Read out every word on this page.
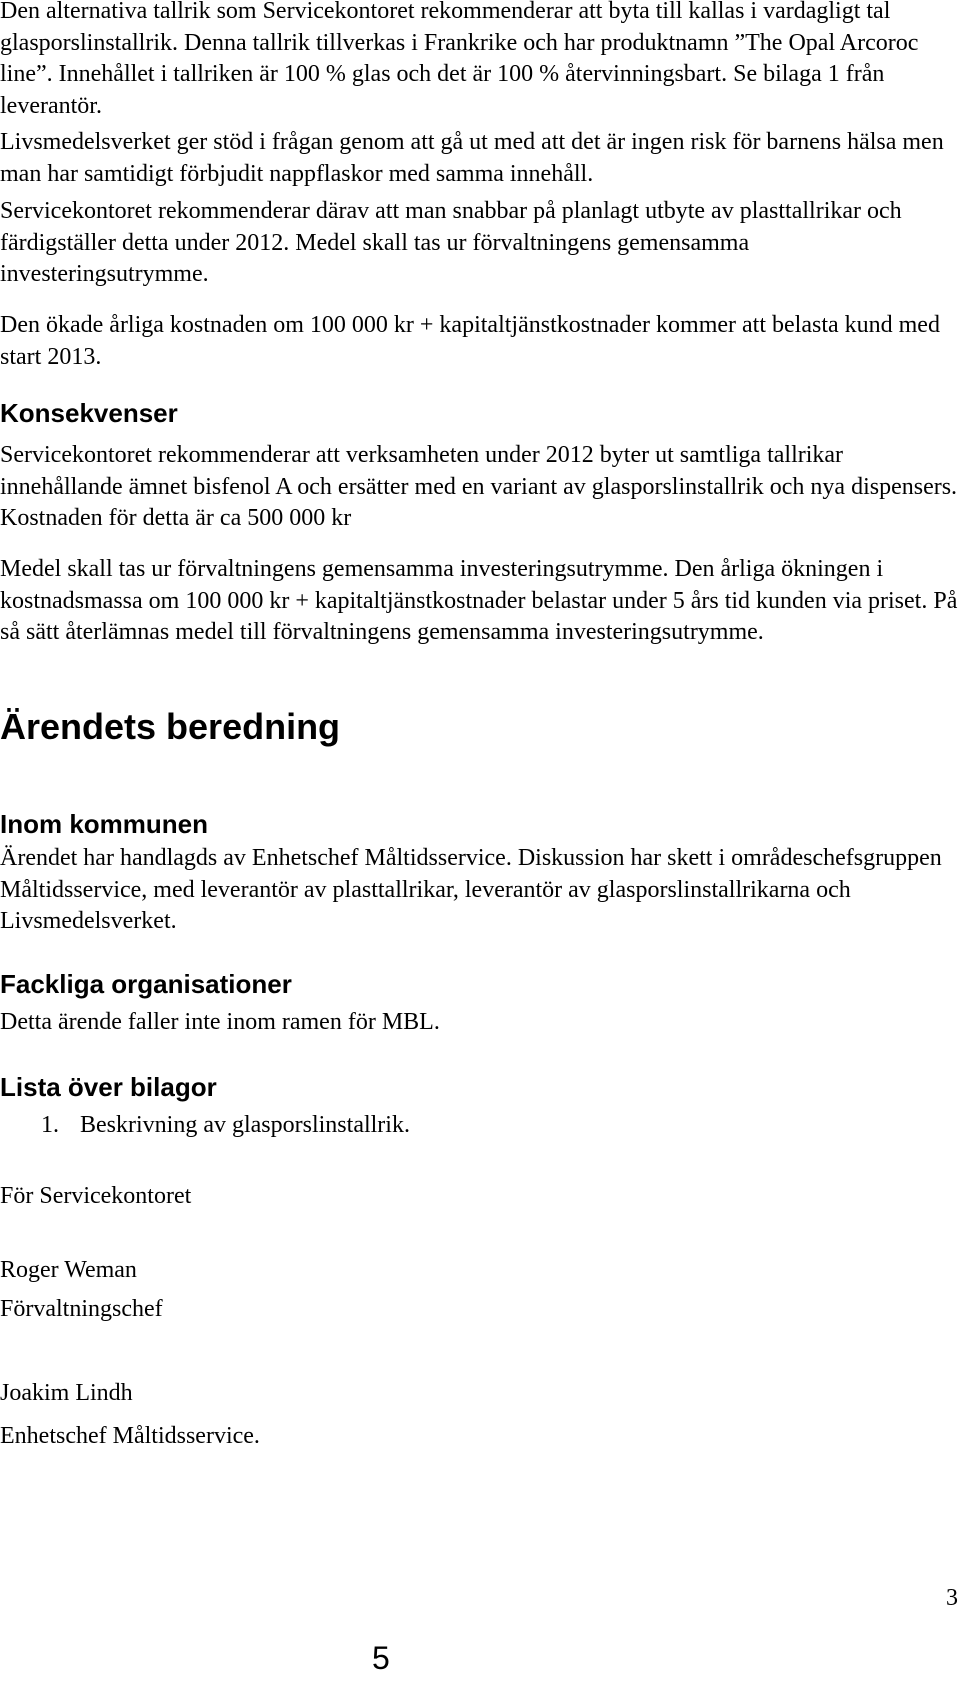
Den alternativa tallrik som Servicekontoret rekommenderar att byta till kallas i vardagligt tal glasporslinstallrik. Denna tallrik tillverkas i Frankrike och har produktnamn ”The Opal Arcoroc line”. Innehållet i tallriken är 100 % glas och det är 100 % återvinningsbart. Se bilaga 1 från leverantör.

Livsmedelsverket ger stöd i frågan genom att gå ut med att det är ingen risk för barnens hälsa men man har samtidigt förbjudit nappflaskor med samma innehåll.

Servicekontoret rekommenderar därav att man snabbar på planlagt utbyte av plasttallrikar och färdigställer detta under 2012. Medel skall tas ur förvaltningens gemensamma investeringsutrymme.

Den ökade årliga kostnaden om 100 000 kr + kapitaltjänstkostnader kommer att belasta kund med start 2013.

Konsekvenser

Servicekontoret rekommenderar att verksamheten under 2012 byter ut samtliga tallrikar innehållande ämnet bisfenol A och ersätter med en variant av glasporslinstallrik och nya dispensers. Kostnaden för detta är ca 500 000 kr

Medel skall tas ur förvaltningens gemensamma investeringsutrymme. Den årliga ökningen i kostnadsmassa om 100 000 kr + kapitaltjänstkostnader belastar under 5 års tid kunden via priset. På så sätt återlämnas medel till förvaltningens gemensamma investeringsutrymme.

Ärendets beredning
Inom kommunen

Ärendet har handlagds av Enhetschef Måltidsservice. Diskussion har skett i områdeschefsgruppen Måltidsservice, med leverantör av plasttallrikar, leverantör av glasporslinstallrikarna och Livsmedelsverket.

Fackliga organisationer

Detta ärende faller inte inom ramen för MBL.

Lista över bilagor
1. Beskrivning av glasporslinstallrik.

För Servicekontoret

Roger Weman

Förvaltningschef

Joakim Lindh

Enhetschef Måltidsservice.

3
5
